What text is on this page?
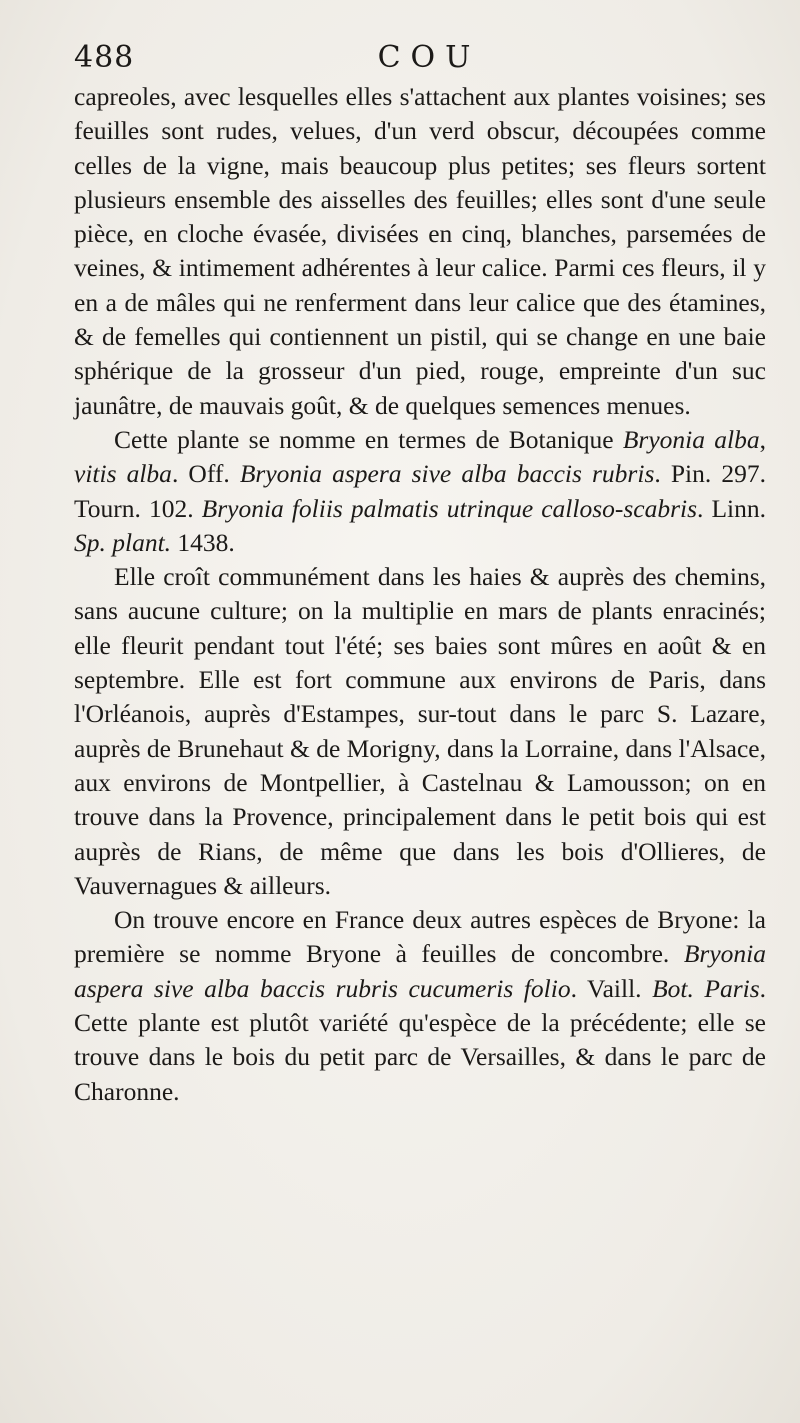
488	COU

capreoles, avec lesquelles elles s'attachent aux plantes voisines; ses feuilles sont rudes, velues, d'un verd obscur, découpées comme celles de la vigne, mais beaucoup plus petites; ses fleurs sortent plusieurs ensemble des aisselles des feuilles; elles sont d'une seule pièce, en cloche évasée, divisées en cinq, blanches, parsemées de veines, & intimement adhérentes à leur calice. Parmi ces fleurs, il y en a de mâles qui ne renferment dans leur calice que des étamines, & de femelles qui contiennent un pistil, qui se change en une baie sphérique de la grosseur d'un pied, rouge, empreinte d'un suc jaunâtre, de mauvais goût, & de quelques semences menues.

Cette plante se nomme en termes de Botanique Bryonia alba, vitis alba. Off. Bryonia aspera sive alba baccis rubris. Pin. 297. Tourn. 102. Bryonia foliis palmatis utrinque calloso-scabris. Linn. Sp. plant. 1438.

Elle croît communément dans les haies & auprès des chemins, sans aucune culture; on la multiplie en mars de plants enracinés; elle fleurit pendant tout l'été; ses baies sont mûres en août & en septembre. Elle est fort commune aux environs de Paris, dans l'Orléanois, auprès d'Estampes, sur-tout dans le parc S. Lazare, auprès de Brunehaut & de Morigny, dans la Lorraine, dans l'Alsace, aux environs de Montpellier, à Castelnau & Lamousson; on en trouve dans la Provence, principalement dans le petit bois qui est auprès de Rians, de même que dans les bois d'Ollieres, de Vauvernagues & ailleurs.

On trouve encore en France deux autres espèces de Bryone: la première se nomme Bryone à feuilles de concombre. Bryonia aspera sive alba baccis rubris cucumeris folio. Vaill. Bot. Paris. Cette plante est plutôt variété qu'espèce de la précédente; elle se trouve dans le bois du petit parc de Versailles, & dans le parc de Charonne.
